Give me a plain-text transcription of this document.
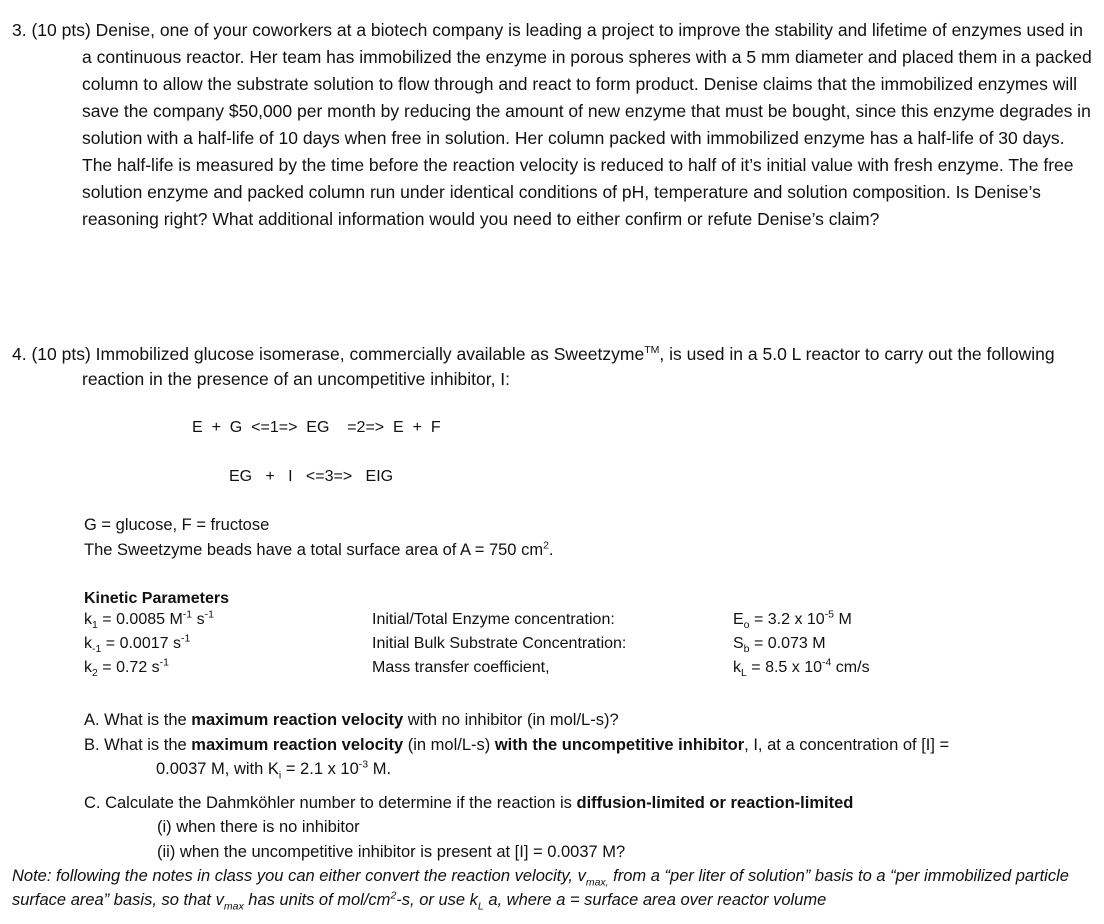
3. (10 pts) Denise, one of your coworkers at a biotech company is leading a project to improve the stability and lifetime of enzymes used in a continuous reactor. Her team has immobilized the enzyme in porous spheres with a 5 mm diameter and placed them in a packed column to allow the substrate solution to flow through and react to form product. Denise claims that the immobilized enzymes will save the company $50,000 per month by reducing the amount of new enzyme that must be bought, since this enzyme degrades in solution with a half-life of 10 days when free in solution. Her column packed with immobilized enzyme has a half-life of 30 days. The half-life is measured by the time before the reaction velocity is reduced to half of it’s initial value with fresh enzyme. The free solution enzyme and packed column run under identical conditions of pH, temperature and solution composition. Is Denise’s reasoning right? What additional information would you need to either confirm or refute Denise’s claim?

4. (10 pts) Immobilized glucose isomerase, commercially available as Sweetzyme™, is used in a 5.0 L reactor to carry out the following reaction in the presence of an uncompetitive inhibitor, I:

E  +  G  <=1=>  EG    =2=>  E  +  F
EG   +   I   <=3=>   EIG
G = glucose, F = fructose
The Sweetzyme beads have a total surface area of A = 750 $cm^2$.
Kinetic Parameters
$k_1 = 0.0085$ $M^{-1}$ $s^{-1}$
$k_{-1} = 0.0017$ $s^{-1}$
$k_2 = 0.72$ $s^{-1}$
Initial/Total Enzyme concentration:
Initial Bulk Substrate Concentration:
Mass transfer coefficient,
$E_o = 3.2$ x $10^{-5}$ M
$S_b = 0.073$ M
$k_L = 8.5$ x $10^{-4}$ cm/s
A. What is the maximum reaction velocity with no inhibitor (in mol/L-s)?
B. What is the maximum reaction velocity (in mol/L-s) with the uncompetitive inhibitor, I, at a concentration of [I] =
0.0037 M, with $K_i = 2.1$ x $10^{-3}$ M.
C. Calculate the Dahmköhler number to determine if the reaction is diffusion-limited or reaction-limited
(i) when there is no inhibitor
(ii) when the uncompetitive inhibitor is present at [I] = 0.0037 M?
Note: following the notes in class you can either convert the reaction velocity, $v_{max,}$ from a “per liter of solution” basis to a “per immobilized particle surface area” basis, so that $v_{max}$ has units of mol/$cm^2-s$, or use $k_L$ a, where a = surface area over reactor volume
